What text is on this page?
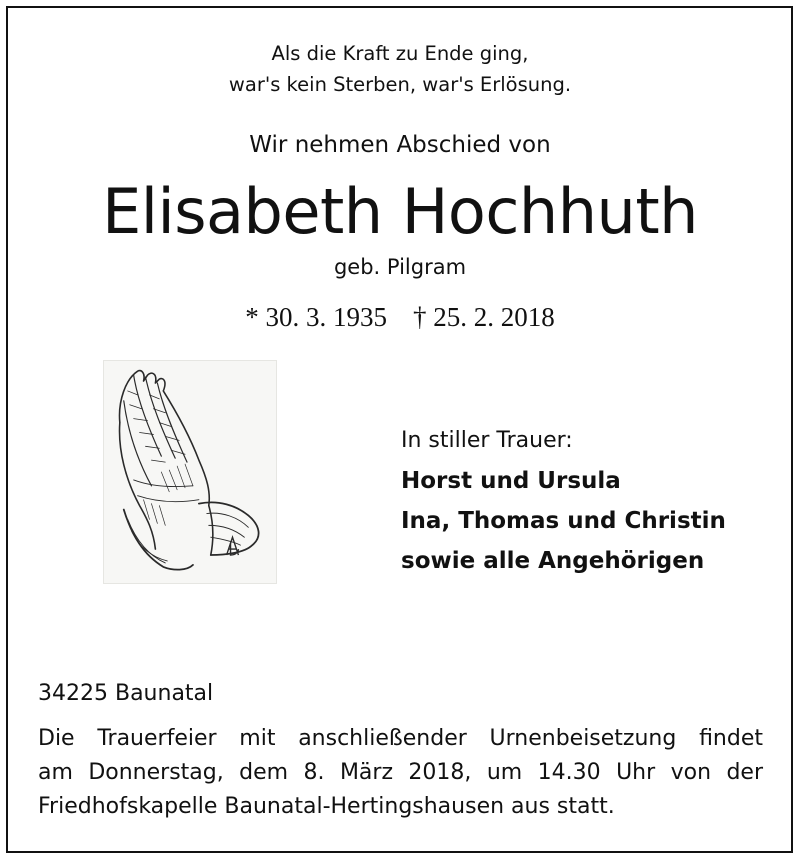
Als die Kraft zu Ende ging,
war's kein Sterben, war's Erlösung.
Wir nehmen Abschied von
Elisabeth Hochhuth
geb. Pilgram
* 30. 3. 1935 † 25. 2. 2018
In stiller Trauer:
Horst und Ursula
Ina, Thomas und Christin
sowie alle Angehörigen
34225 Baunatal
Die Trauerfeier mit anschließender Urnenbeisetzung findet
am Donnerstag, dem 8. März 2018, um 14.30 Uhr von der
Friedhofskapelle Baunatal-Hertingshausen aus statt.
